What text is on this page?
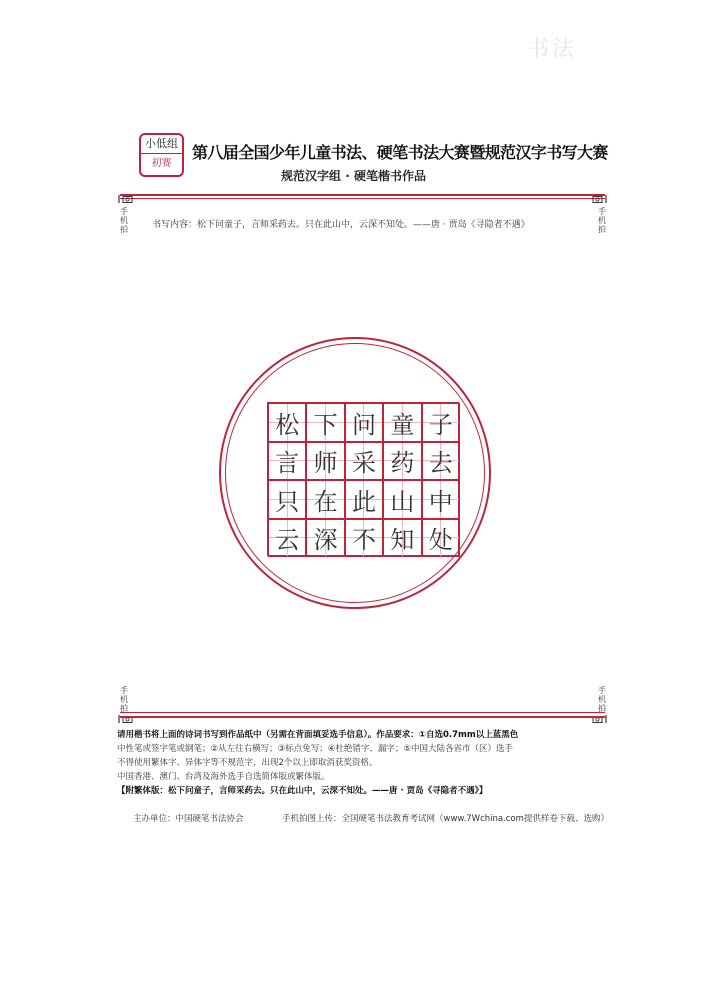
书法
小低组
初赛
第八届全国少年儿童书法、硬笔书法大赛暨规范汉字书写大赛
规范汉字组 · 硬笔楷书作品
手机拍
手机拍
书写内容：松下问童子，言师采药去。只在此山中，云深不知处。——唐 · 贾岛《寻隐者不遇》
松 下 问 童 子
言 师 采 药 去
只 在 此 山 中
云 深 不 知 处
手机拍
手机拍
请用楷书将上面的诗词书写到作品纸中（另需在背面填妥选手信息）。作品要求：①自选0.7mm以上蓝黑色
中性笔或签字笔或钢笔；②从左往右横写；③标点免写；④杜绝错字、漏字；⑤中国大陆各省市（区）选手
不得使用繁体字、异体字等不规范字，出现2个以上即取消获奖资格。
中国香港、澳门、台湾及海外选手自选简体版或繁体版。
【附繁体版：松下问童子，言师采药去。只在此山中，云深不知处。——唐 · 贾岛《寻隐者不遇》】
主办单位：中国硬笔书法协会	手机拍图上传：全国硬笔书法教育考试网（www.7Wchina.com提供样卷下载、选购）
